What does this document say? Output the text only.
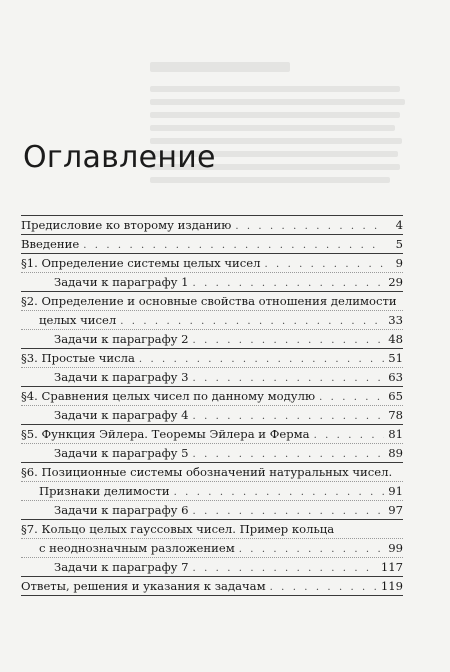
Оглавление
Предисловие ко второму изданию . . .	4
Введение . . .	5
§1. Определение системы целых чисел . . .	9
Задачи к параграфу 1 . . .	29
§2. Определение и основные свойства отношения делимости
целых чисел . . .	33
Задачи к параграфу 2 . . .	48
§3. Простые числа . . .	51
Задачи к параграфу 3 . . .	63
§4. Сравнения целых чисел по данному модулю . . .	65
Задачи к параграфу 4 . . .	78
§5. Функция Эйлера. Теоремы Эйлера и Ферма . . .	81
Задачи к параграфу 5 . . .	89
§6. Позиционные системы обозначений натуральных чисел.
Признаки делимости . . .	91
Задачи к параграфу 6 . . .	97
§7. Кольцо целых гауссовых чисел. Пример кольца
с неоднозначным разложением . . .	99
Задачи к параграфу 7 . . .	117
Ответы, решения и указания к задачам . . .	119
